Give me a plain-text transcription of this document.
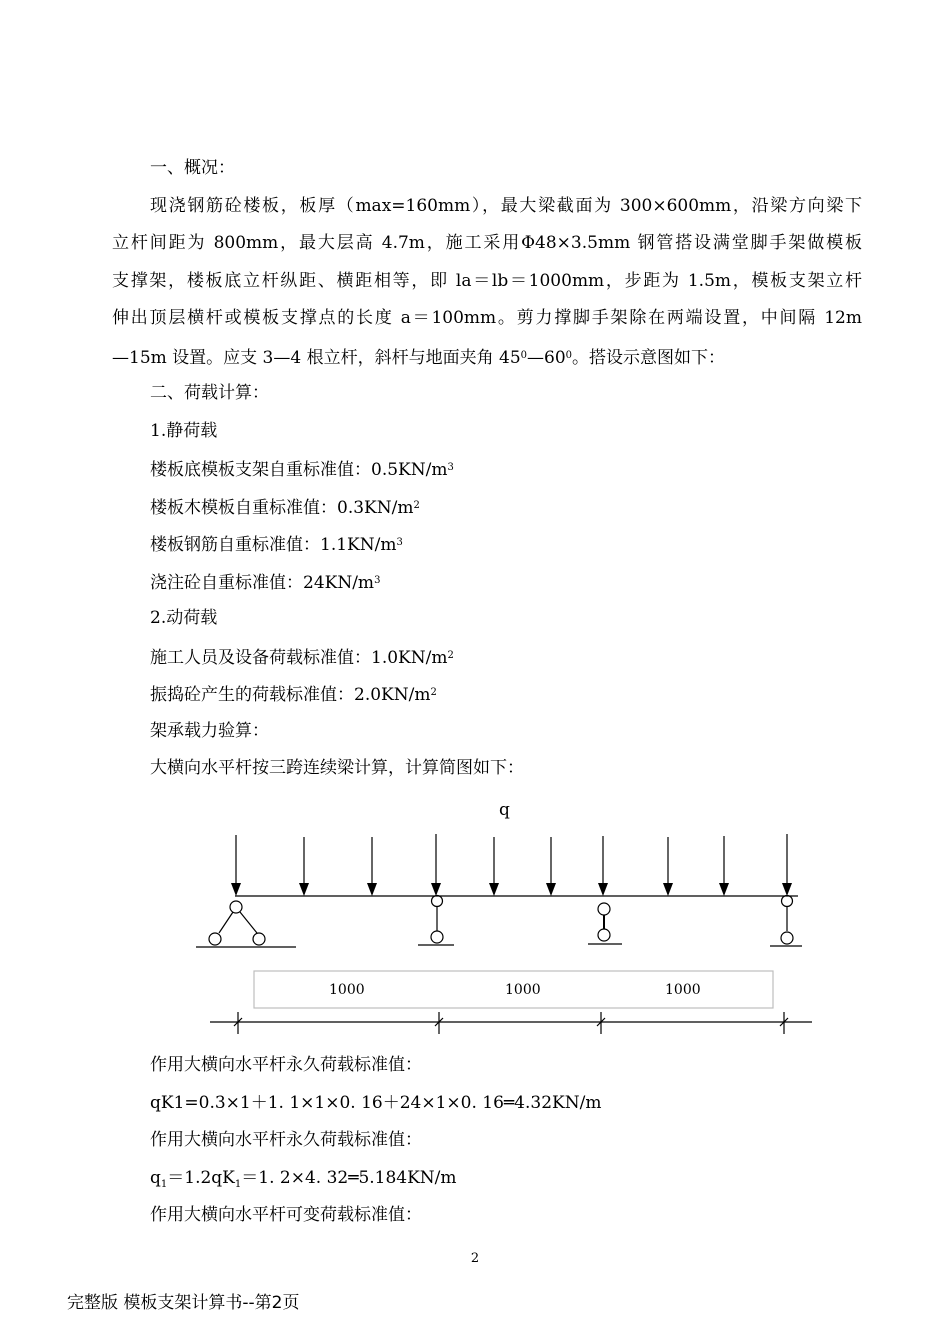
一、概况：
现浇钢筋砼楼板，板厚（max=160mm），最大梁截面为 300×600mm，沿梁方向梁下
立杆间距为 800mm，最大层高 4.7m，施工采用Φ48×3.5mm 钢管搭设满堂脚手架做模板
支撑架，楼板底立杆纵距、横距相等，即 la＝lb＝1000mm，步距为 1.5m，模板支架立杆
伸出顶层横杆或模板支撑点的长度 a＝100mm。剪力撑脚手架除在两端设置，中间隔 12m
—15m 设置。应支 3—4 根立杆，斜杆与地面夹角 $45^0—60^0$。搭设示意图如下：
二、荷载计算：
1.静荷载
楼板底模板支架自重标准值：$0.5KN/m^3$
楼板木模板自重标准值：$0.3KN/m^2$
楼板钢筋自重标准值：$1.1KN/m^3$
浇注砼自重标准值：$24KN/m^3$
2.动荷载
施工人员及设备荷载标准值：$1.0KN/m^2$
振捣砼产生的荷载标准值：$2.0KN/m^2$
架承载力验算：
大横向水平杆按三跨连续梁计算，计算简图如下：
q
1000	1000	1000
作用大横向水平杆永久荷载标准值：
qK1=0.3×1＋1. 1×1×0. 16＋24×1×0. 16═4.32KN/m
作用大横向水平杆永久荷载标准值：
$q_1=1.2qK_1=1$. 2×4. 32═5.184KN/m
作用大横向水平杆可变荷载标准值：
2
完整版 模板支架计算书--第2页
